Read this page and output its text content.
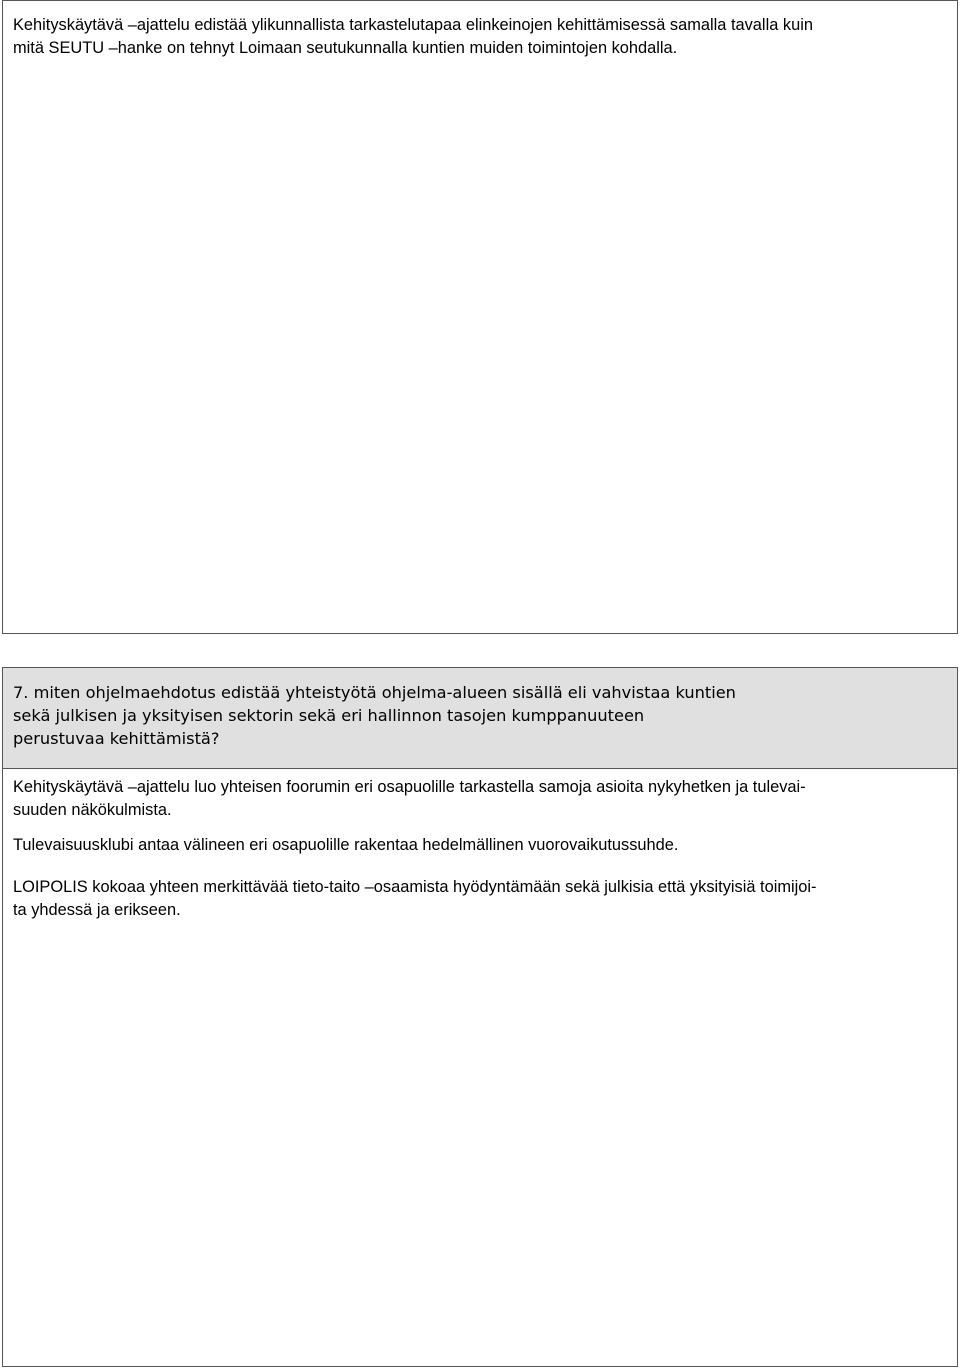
Kehityskäytävä –ajattelu edistää ylikunnallista tarkastelutapaa elinkeinojen kehittämisessä samalla tavalla kuin
mitä SEUTU –hanke on tehnyt Loimaan seutukunnalla kuntien muiden toimintojen kohdalla.

7. miten ohjelmaehdotus edistää yhteistyötä ohjelma-alueen sisällä eli vahvistaa kuntien
sekä julkisen ja yksityisen sektorin sekä eri hallinnon tasojen kumppanuuteen
perustuvaa kehittämistä?

Kehityskäytävä –ajattelu luo yhteisen foorumin eri osapuolille tarkastella samoja asioita nykyhetken ja tulevai-
suuden näkökulmista.

Tulevaisuusklubi antaa välineen eri osapuolille rakentaa hedelmällinen vuorovaikutussuhde.

LOIPOLIS kokoaa yhteen merkittävää tieto-taito –osaamista hyödyntämään sekä julkisia että yksityisiä toimijoi-
ta yhdessä ja erikseen.
